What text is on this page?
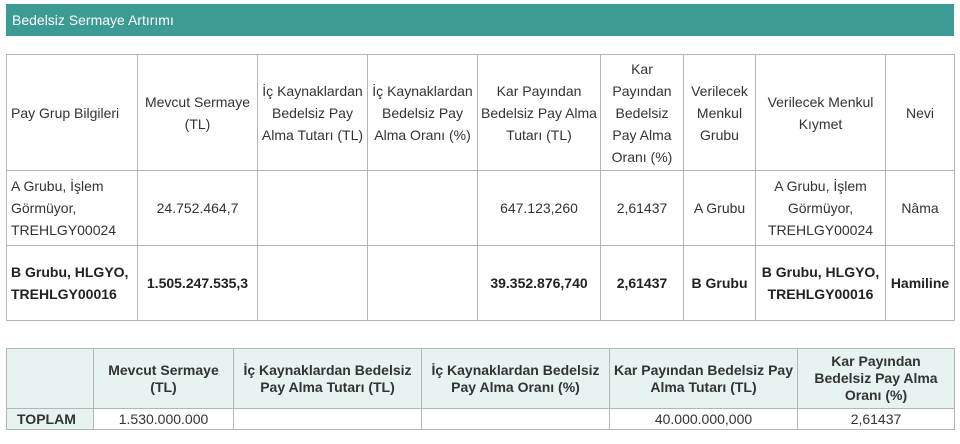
Bedelsiz Sermaye Artırımı
Pay Grup Bilgileri	Mevcut Sermaye (TL)	İç Kaynaklardan Bedelsiz Pay Alma Tutarı (TL)	İç Kaynaklardan Bedelsiz Pay Alma Oranı (%)	Kar Payından Bedelsiz Pay Alma Tutarı (TL)	Kar Payından Bedelsiz Pay Alma Oranı (%)	Verilecek Menkul Grubu	Verilecek Menkul Kıymet	Nevi
A Grubu, İşlem Görmüyor, TREHLGY00024	24.752.464,7			647.123,260	2,61437	A Grubu	A Grubu, İşlem Görmüyor, TREHLGY00024	Nâma
B Grubu, HLGYO, TREHLGY00016	1.505.247.535,3			39.352.876,740	2,61437	B Grubu	B Grubu, HLGYO, TREHLGY00016	Hamiline
	Mevcut Sermaye (TL)	İç Kaynaklardan Bedelsiz Pay Alma Tutarı (TL)	İç Kaynaklardan Bedelsiz Pay Alma Oranı (%)	Kar Payından Bedelsiz Pay Alma Tutarı (TL)	Kar Payından Bedelsiz Pay Alma Oranı (%)
TOPLAM	1.530.000.000			40.000.000,000	2,61437
